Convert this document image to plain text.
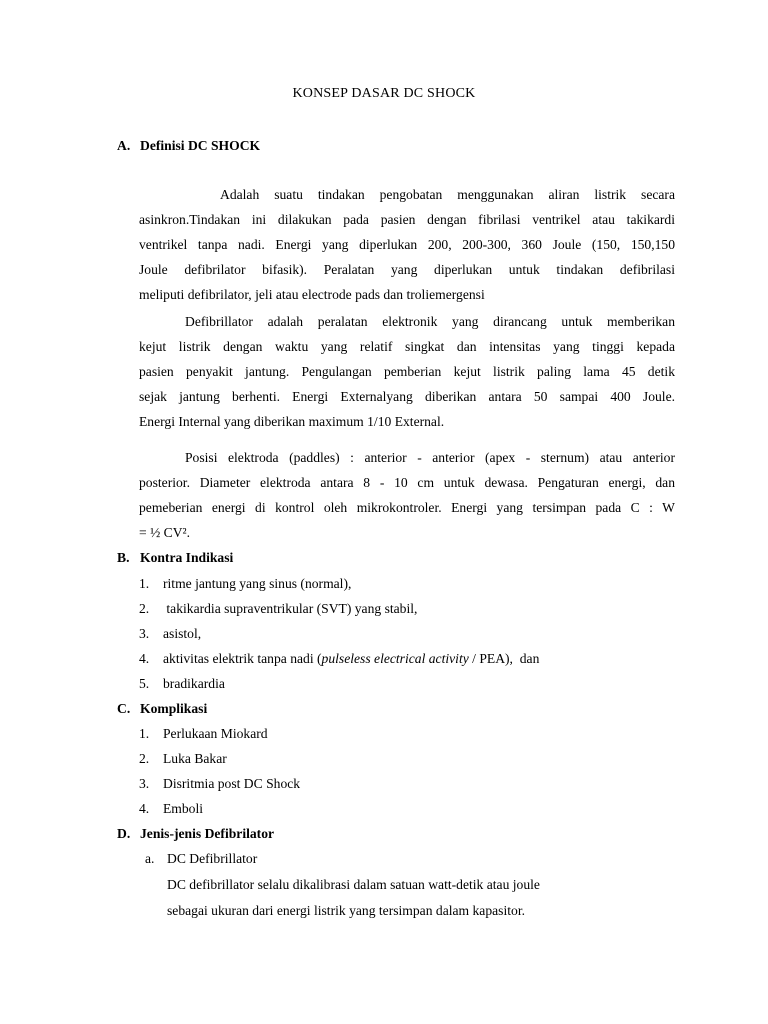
KONSEP DASAR DC SHOCK
A. Definisi DC SHOCK
Adalah suatu tindakan pengobatan menggunakan aliran listrik secara
asinkron.Tindakan ini dilakukan pada pasien dengan fibrilasi ventrikel atau takikardi
ventrikel tanpa nadi. Energi yang diperlukan 200, 200-300, 360 Joule (150, 150,150
Joule defibrilator bifasik). Peralatan yang diperlukan untuk tindakan defibrilasi
meliputi defibrilator, jeli atau electrode pads dan troliemergensi
Defibrillator adalah peralatan elektronik yang dirancang untuk memberikan
kejut listrik dengan waktu yang relatif singkat dan intensitas yang tinggi kepada
pasien penyakit jantung. Pengulangan pemberian kejut listrik paling lama 45 detik
sejak jantung berhenti. Energi Externalyang diberikan antara 50 sampai 400 Joule.
Energi Internal yang diberikan maximum 1/10 External.
Posisi elektroda (paddles) : anterior - anterior (apex - sternum) atau anterior
posterior. Diameter elektroda antara 8 - 10 cm untuk dewasa. Pengaturan energi, dan
pemeberian energi di kontrol oleh mikrokontroler. Energi yang tersimpan pada C : W
= ½ CV².
B. Kontra Indikasi
1. ritme jantung yang sinus (normal),
2. takikardia supraventrikular (SVT) yang stabil,
3. asistol,
4. aktivitas elektrik tanpa nadi (pulseless electrical activity / PEA),  dan
5. bradikardia
C. Komplikasi
1. Perlukaan Miokard
2. Luka Bakar
3. Disritmia post DC Shock
4. Emboli
D. Jenis-jenis Defibrilator
a. DC Defibrillator
DC defibrillator selalu dikalibrasi dalam satuan watt-detik atau joule
sebagai ukuran dari energi listrik yang tersimpan dalam kapasitor.
